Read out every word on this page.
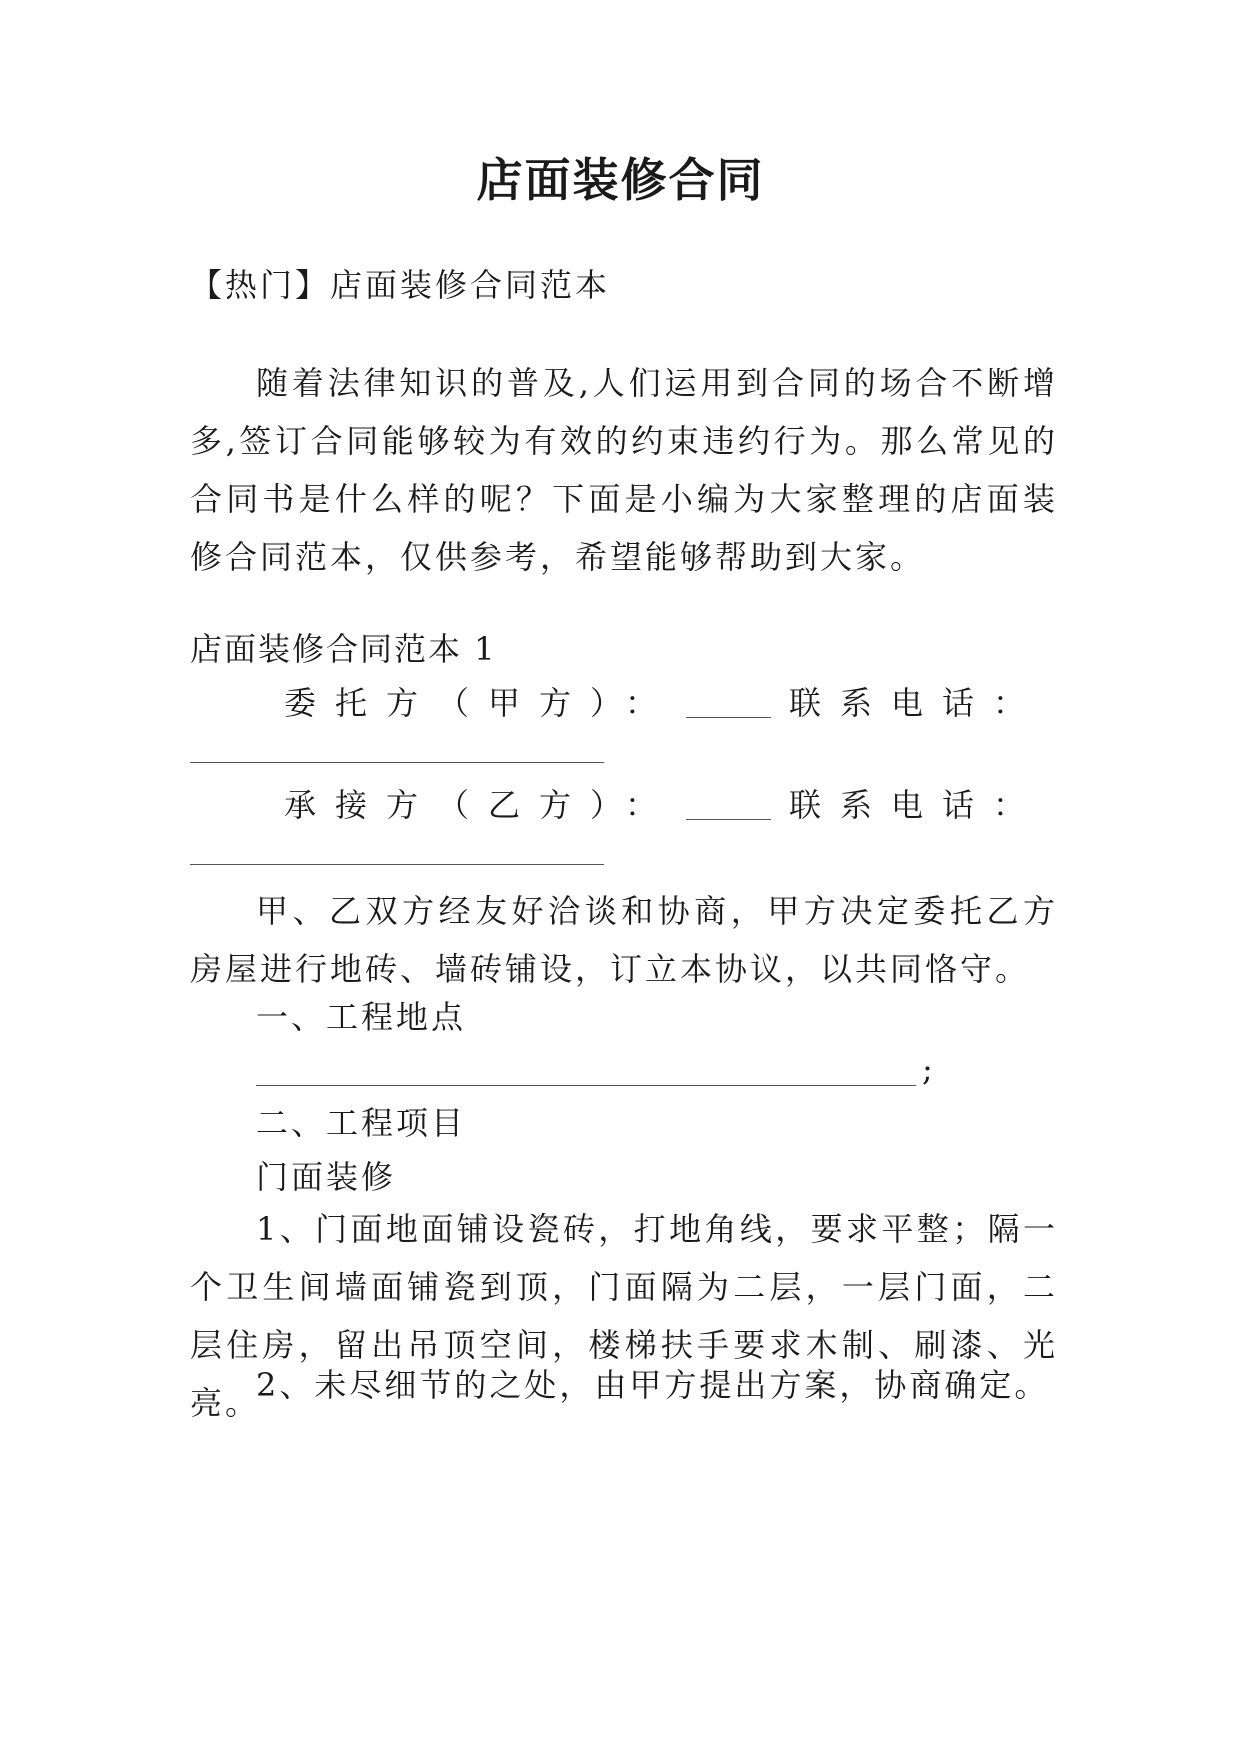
店面装修合同

【热门】店面装修合同范本

随着法律知识的普及,人们运用到合同的场合不断增多,签订合同能够较为有效的约束违约行为。那么常见的合同书是什么样的呢？下面是小编为大家整理的店面装修合同范本，仅供参考，希望能够帮助到大家。

店面装修合同范本 1

委托方（甲方）：	联系电话：
承接方（乙方）：	联系电话：

甲、乙双方经友好洽谈和协商，甲方决定委托乙方房屋进行地砖、墙砖铺设，订立本协议，以共同恪守。

一、工程地点

;

二、工程项目

门面装修

1、门面地面铺设瓷砖，打地角线，要求平整；隔一个卫生间墙面铺瓷到顶，门面隔为二层，一层门面，二层住房，留出吊顶空间，楼梯扶手要求木制、刷漆、光亮。

2、未尽细节的之处，由甲方提出方案，协商确定。
